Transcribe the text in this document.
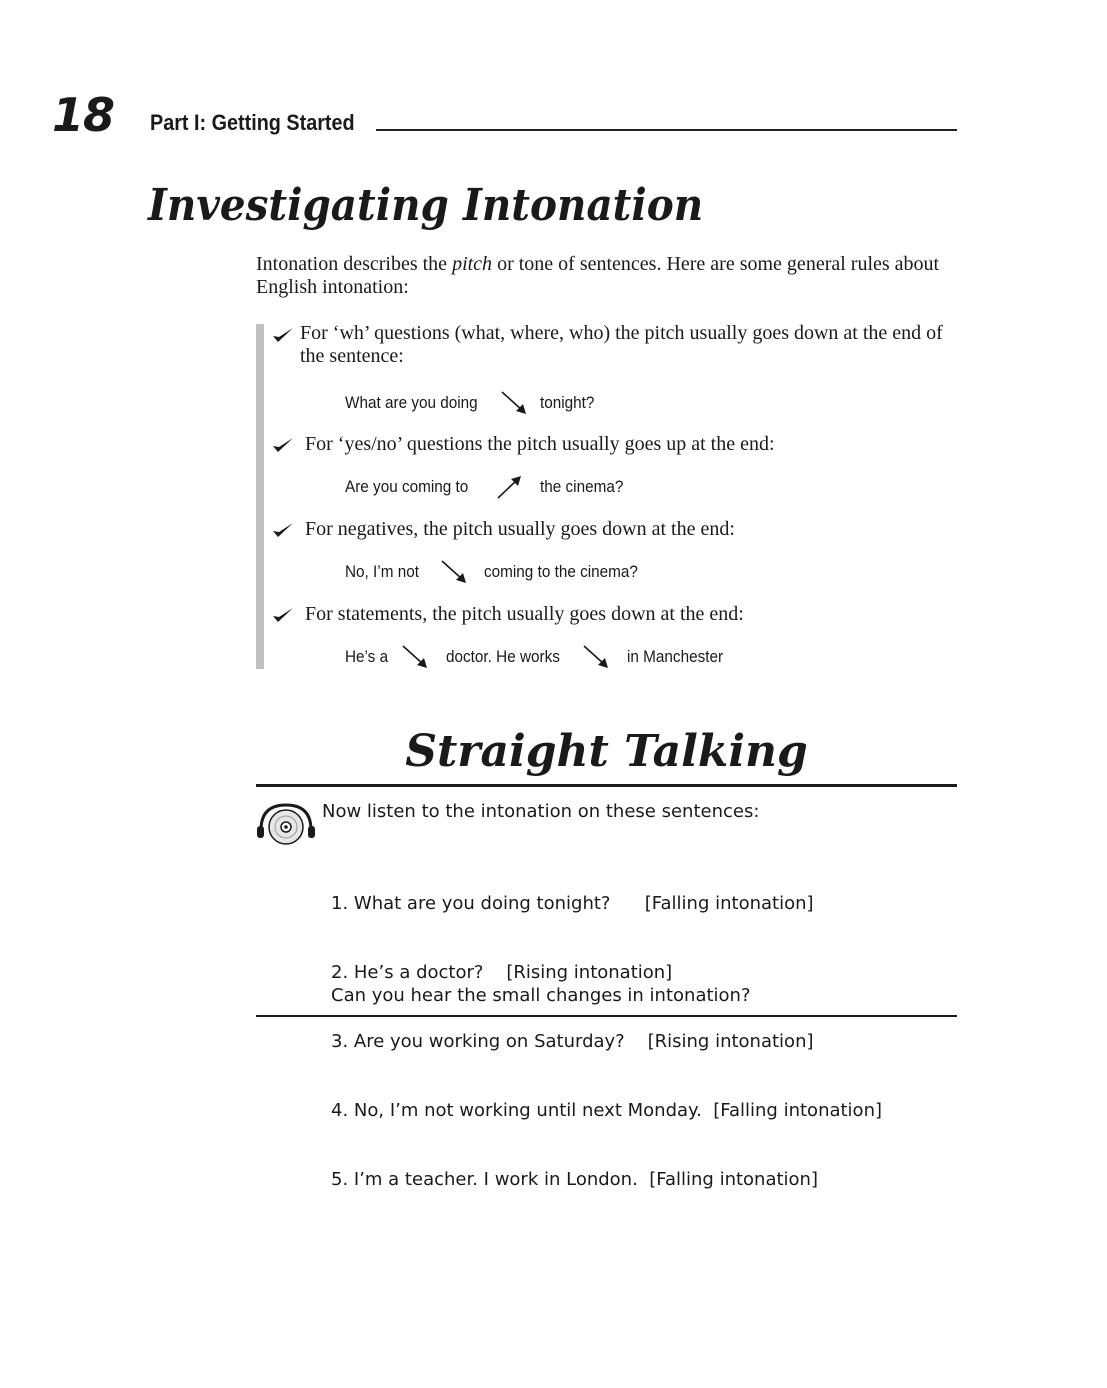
18 Part I: Getting Started
Investigating Intonation
Intonation describes the pitch or tone of sentences. Here are some general rules about English intonation:
For ‘wh’ questions (what, where, who) the pitch usually goes down at the end of the sentence:
What are you doing	tonight?
For ‘yes/no’ questions the pitch usually goes up at the end:
Are you coming to	the cinema?
For negatives, the pitch usually goes down at the end:
No, I’m not	coming to the cinema?
For statements, the pitch usually goes down at the end:
He’s a	doctor. He works	in Manchester
Straight Talking
Now listen to the intonation on these sentences:

1. What are you doing tonight?      [Falling intonation]

2. He’s a doctor?    [Rising intonation]

3. Are you working on Saturday?    [Rising intonation]

4. No, I’m not working until next Monday.  [Falling intonation]

5. I’m a teacher. I work in London.  [Falling intonation]

Can you hear the small changes in intonation?
